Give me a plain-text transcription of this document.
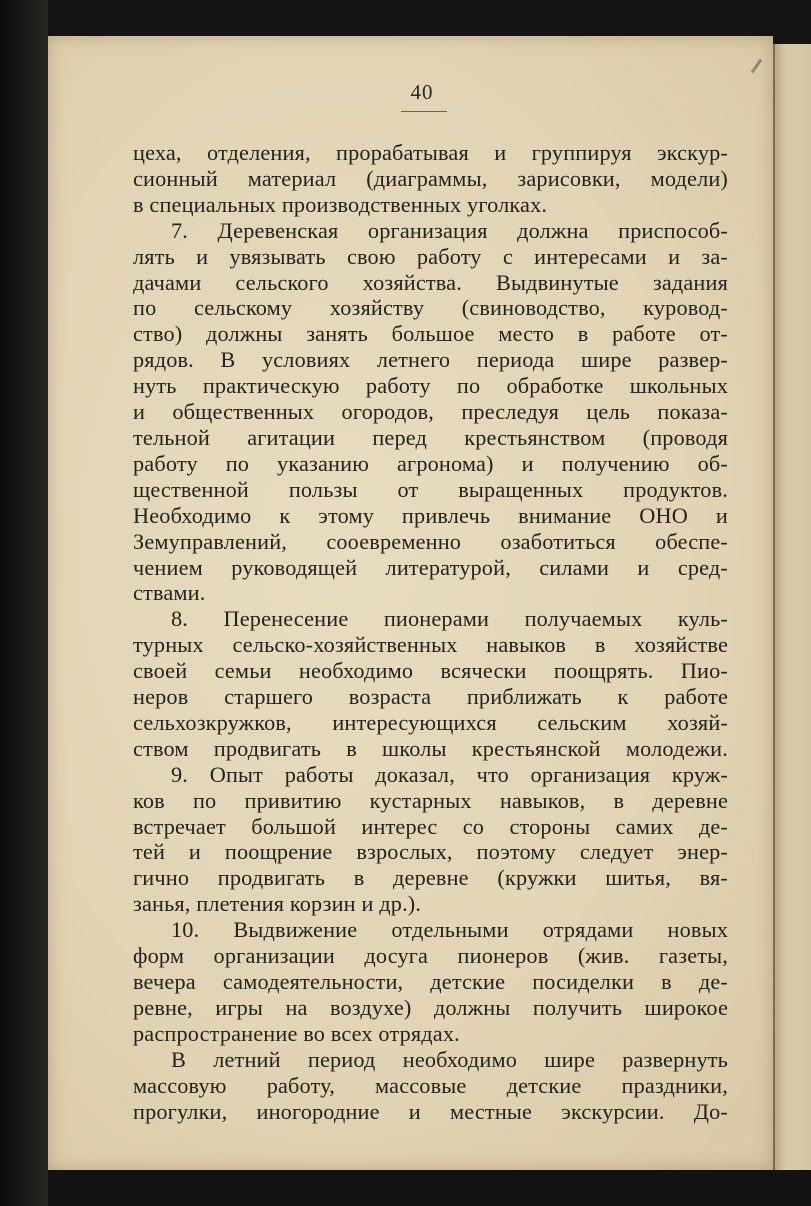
40
цеха, отделения, прорабатывая и группируя экскур-
сионный материал (диаграммы, зарисовки, модели)
в специальных производственных уголках.
7. Деревенская организация должна приспособ-
лять и увязывать свою работу с интересами и за-
дачами сельского хозяйства. Выдвинутые задания
по сельскому хозяйству (свиноводство, куровод-
ство) должны занять большое место в работе от-
рядов. В условиях летнего периода шире развер-
нуть практическую работу по обработке школьных
и общественных огородов, преследуя цель показа-
тельной агитации перед крестьянством (проводя
работу по указанию агронома) и получению об-
щественной пользы от выращенных продуктов.
Необходимо к этому привлечь внимание ОНО и
Земуправлений, сооевременно озаботиться обеспе-
чением руководящей литературой, силами и сред-
ствами.
8. Перенесение пионерами получаемых куль-
турных сельско-хозяйственных навыков в хозяйстве
своей семьи необходимо всячески поощрять. Пио-
неров старшего возраста приближать к работе
сельхозкружков, интересующихся сельским хозяй-
ством продвигать в школы крестьянской молодежи.
9. Опыт работы доказал, что организация круж-
ков по привитию кустарных навыков, в деревне
встречает большой интерес со стороны самих де-
тей и поощрение взрослых, поэтому следует энер-
гично продвигать в деревне (кружки шитья, вя-
занья, плетения корзин и др.).
10. Выдвижение отдельными отрядами новых
форм организации досуга пионеров (жив. газеты,
вечера самодеятельности, детские посиделки в де-
ревне, игры на воздухе) должны получить широкое
распространение во всех отрядах.
В летний период необходимо шире развернуть
массовую работу, массовые детские праздники,
прогулки, иногородние и местные экскурсии. До-
